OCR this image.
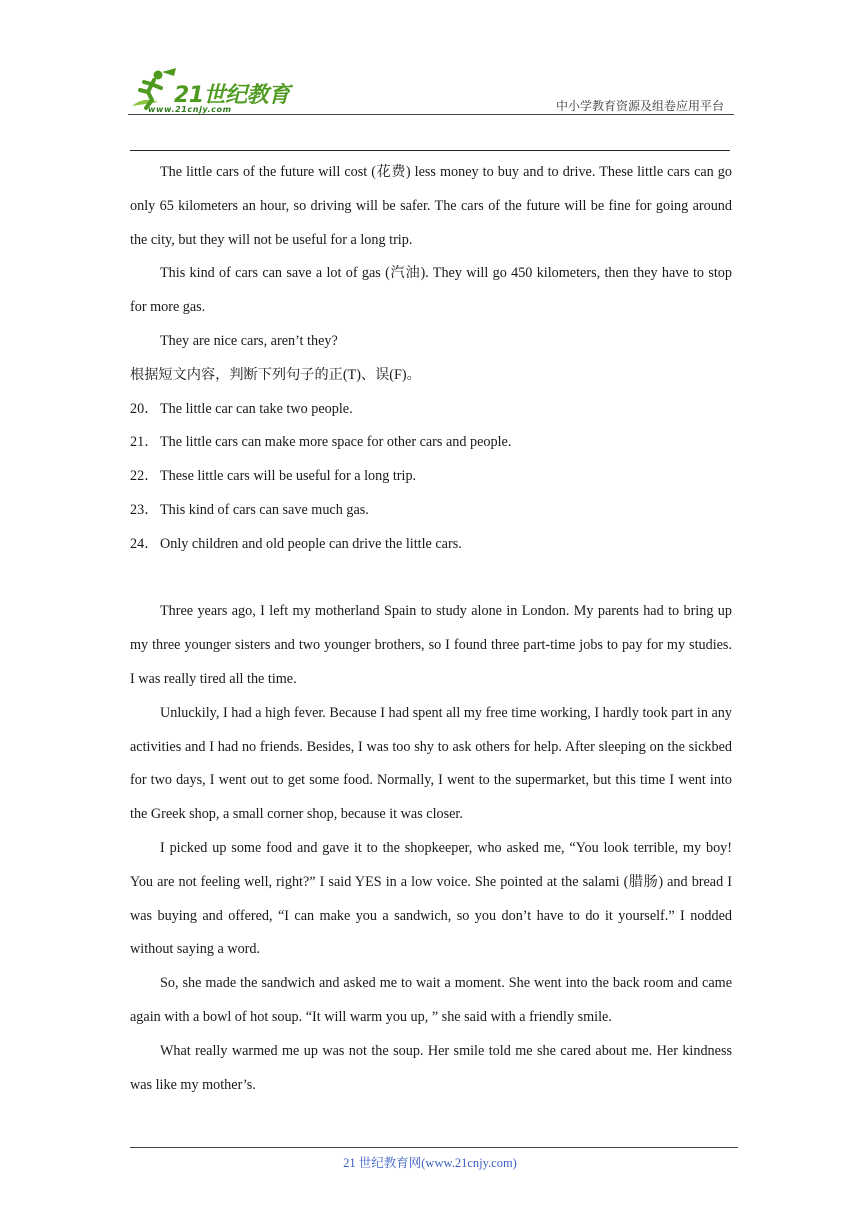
21世纪教育
www.21cnjy.com	中小学教育资源及组卷应用平台

The little cars of the future will cost (花费) less money to buy and to drive. These little cars can go only 65 kilometers an hour, so driving will be safer. The cars of the future will be fine for going around the city, but they will not be useful for a long trip.

This kind of cars can save a lot of gas (汽油). They will go 450 kilometers, then they have to stop for more gas.

They are nice cars, aren’t they?

根据短文内容，判断下列句子的正(T)、误(F)。

20． The little car can take two people.
21． The little cars can make more space for other cars and people.
22． These little cars will be useful for a long trip.
23． This kind of cars can save much gas.
24． Only children and old people can drive the little cars.

Three years ago, I left my motherland Spain to study alone in London. My parents had to bring up my three younger sisters and two younger brothers, so I found three part-time jobs to pay for my studies. I was really tired all the time.

Unluckily, I had a high fever. Because I had spent all my free time working, I hardly took part in any activities and I had no friends. Besides, I was too shy to ask others for help. After sleeping on the sickbed for two days, I went out to get some food. Normally, I went to the supermarket, but this time I went into the Greek shop, a small corner shop, because it was closer.

I picked up some food and gave it to the shopkeeper, who asked me, “You look terrible, my boy! You are not feeling well, right?” I said YES in a low voice. She pointed at the salami (腊肠) and bread I was buying and offered, “I can make you a sandwich, so you don’t have to do it yourself.” I nodded without saying a word.

So, she made the sandwich and asked me to wait a moment. She went into the back room and came again with a bowl of hot soup. “It will warm you up, ” she said with a friendly smile.

What really warmed me up was not the soup. Her smile told me she cared about me. Her kindness was like my mother’s.

21 世纪教育网(www.21cnjy.com)
